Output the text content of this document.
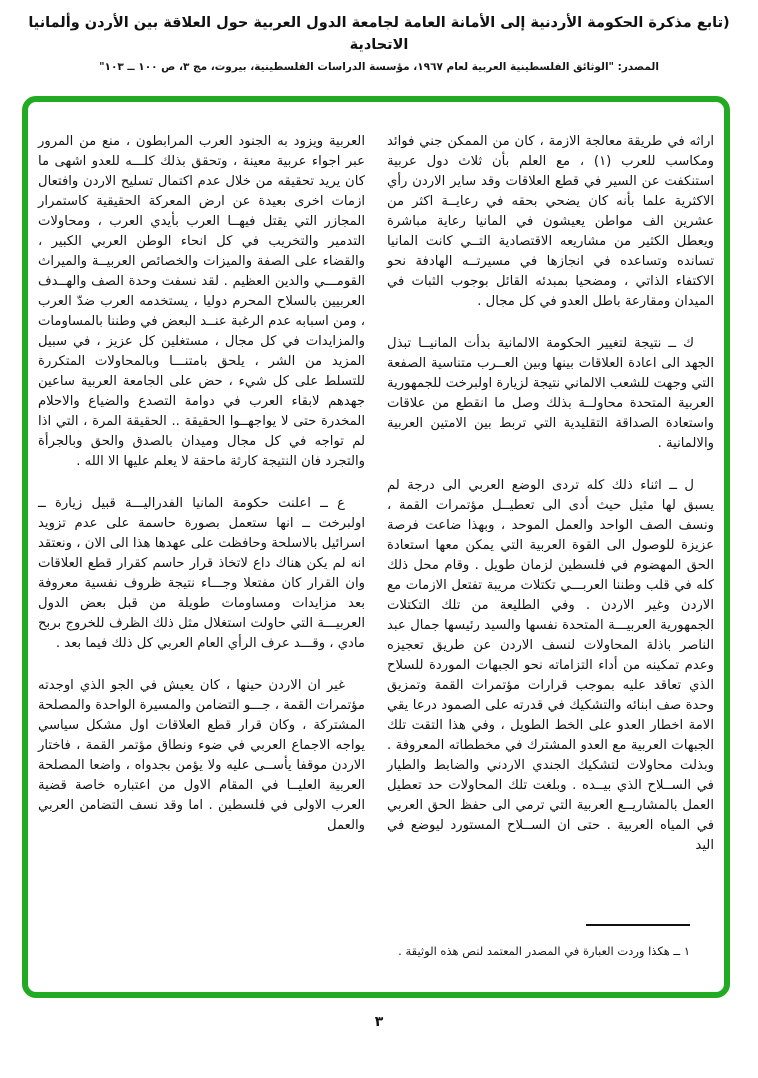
(تابع مذكرة الحكومة الأردنية إلى الأمانة العامة لجامعة الدول العربية حول العلاقة بين الأردن وألمانيا الاتحادية
المصدر: "الوثائق الفلسطينية العربية لعام ١٩٦٧، مؤسسة الدراسات الفلسطينية، بيروت، مج ٣، ص ١٠٠ ــ ١٠٣"

اراثه في طريقة معالجة الازمة ، كان من الممكن جني فوائد ومكاسب للعرب (١) ، مع العلم بأن ثلاث دول عربية استنكفت عن السير في قطع العلاقات وقد ساير الاردن رأي الاكثرية علما بأنه كان يضحي بحقه في رعايــة اكثر من عشرين الف مواطن يعيشون في المانيا رعاية مباشرة ويعطل الكثير من مشاريعه الاقتصادية التــي كانت المانيا تسانده وتساعده في انجازها في مسيرتــه الهادفة نحو الاكتفاء الذاتي ، ومضحيا بمبدئه القائل بوجوب الثبات في الميدان ومقارعة باطل العدو في كل مجال .

ك ــ نتيجة لتغيير الحكومة الالمانية بدأت المانيــا تبذل الجهد الى اعادة العلاقات بينها وبين العــرب متناسية الصفعة التي وجهت للشعب الالماني نتيجة لزيارة اولبرخت للجمهورية العربية المتحدة محاولــة بذلك وصل ما انقطع من علاقات واستعادة الصداقة التقليدية التي تربط بين الامتين العربية والالمانية .

ل ــ اثناء ذلك كله تردى الوضع العربي الى درجة لم يسبق لها مثيل حيث أدى الى تعطيــل مؤتمرات القمة ، ونسف الصف الواحد والعمل الموحد ، وبهذا ضاعت فرصة عزيزة للوصول الى القوة العربية التي يمكن معها استعادة الحق المهضوم في فلسطين لزمان طويل . وقام محل ذلك كله في قلب وطننا العربـــي تكتلات مريبة تفتعل الازمات مع الاردن وغير الاردن . وفي الطليعة من تلك التكتلات الجمهورية العربيـــة المتحدة نفسها والسيد رئيسها جمال عبد الناصر باذلة المحاولات لنسف الاردن عن طريق تعجيزه وعدم تمكينه من أداء التزاماته نحو الجبهات الموردة للسلاح الذي تعاقد عليه بموجب قرارات مؤتمرات القمة وتمزيق وحدة صف ابنائه والتشكيك في قدرته على الصمود درعا يقي الامة اخطار العدو على الخط الطويل ، وفي هذا التقت تلك الجبهات العربية مع العدو المشترك في مخططاته المعروفة . وبذلت محاولات لتشكيك الجندي الاردني والضابط والطيار في الســلاح الذي بيــده . وبلغت تلك المحاولات حد تعطيل العمل بالمشاريــع العربية التي ترمي الى حفظ الحق العربي في المياه العربية . حتى ان الســلاح المستورد ليوضع في اليد

العربية ويزود به الجنود العرب المرابطون ، منع من المرور عبر اجواء عربية معينة ، وتحقق بذلك كلـــه للعدو اشهى ما كان يريد تحقيقه من خلال عدم اكتمال تسليح الاردن وافتعال ازمات اخرى بعيدة عن ارض المعركة الحقيقية كاستمرار المجازر التي يقتل فيهــا العرب بأيدي العرب ، ومحاولات التدمير والتخريب في كل انحاء الوطن العربي الكبير ، والقضاء على الصفة والميزات والخصائص العربيــة والميراث القومـــي والدين العظيم . لقد نسفت وحدة الصف والهــدف العربيين بالسلاح المحرم دوليا ، يستخدمه العرب ضدّ العرب ، ومن اسبابه عدم الرغبة عنــد البعض في وطننا بالمساومات والمزايدات في كل مجال ، مستغلين كل عزيز ، في سبيل المزيد من الشر ، يلحق بامتنـــا وبالمحاولات المتكررة للتسلط على كل شيء ، حض على الجامعة العربية ساعين جهدهم لابقاء العرب في دوامة التصدع والضياع والاحلام المخدرة حتى لا يواجهــوا الحقيقة .. الحقيقة المرة ، التي اذا لم تواجه في كل مجال وميدان بالصدق والحق وبالجرأة والتجرد فان النتيجة كارثة ماحقة لا يعلم عليها الا الله .

ع ــ اعلنت حكومة المانيا الفدراليـــة قبيل زيارة ــ اولبرخت ــ انها ستعمل بصورة حاسمة على عدم تزويد اسرائيل بالاسلحة وحافظت على عهدها هذا الى الان ، ونعتقد انه لم يكن هناك داع لاتخاذ قرار حاسم كقرار قطع العلاقات وان القرار كان مفتعلا وجـــاء نتيجة ظروف نفسية معروفة بعد مزايدات ومساومات طويلة من قبل بعض الدول العربيـــة التي حاولت استغلال مثل ذلك الظرف للخروج بربح مادي ، وقـــد عرف الرأي العام العربي كل ذلك فيما بعد .

غير ان الاردن حينها ، كان يعيش في الجو الذي اوجدته مؤتمرات القمة ، جـــو التضامن والمسيرة الواحدة والمصلحة المشتركة ، وكان قرار قطع العلاقات اول مشكل سياسي يواجه الاجماع العربي في ضوء ونطاق مؤتمر القمة ، فاختار الاردن موقفا يأســى عليه ولا يؤمن بجدواه ، واضعا المصلحة العربية العليــا في المقام الاول من اعتباره خاصة قضية العرب الاولى في فلسطين . اما وقد نسف التضامن العربي والعمل

١ ــ هكذا وردت العبارة في المصدر المعتمد لنص هذه الوثيقة .
٣
